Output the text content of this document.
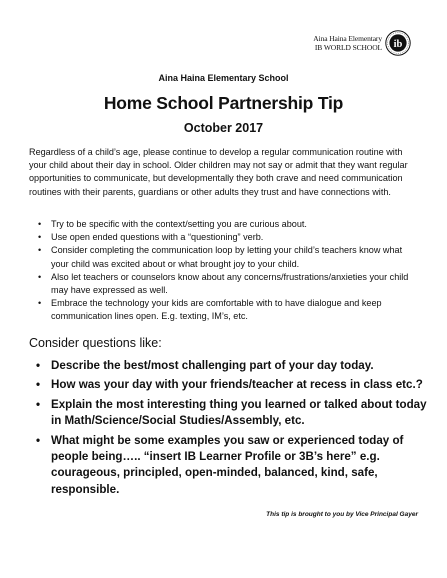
Aina Haina Elementary
IB WORLD SCHOOL ib
Aina Haina Elementary School
Home School Partnership Tip
October 2017

Regardless of a child’s age, please continue to develop a regular communication routine with your child about their day in school. Older children may not say or admit that they want regular opportunities to communicate, but developmentally they both crave and need communication routines with their parents, guardians or other adults they trust and have connections with.

• Try to be specific with the context/setting you are curious about.
• Use open ended questions with a “questioning” verb.
• Consider completing the communication loop by letting your child’s teachers know what your child was excited about or what brought joy to your child.
• Also let teachers or counselors know about any concerns/frustrations/anxieties your child may have expressed as well.
• Embrace the technology your kids are comfortable with to have dialogue and keep communication lines open. E.g. texting, IM’s, etc.
Consider questions like:
• Describe the best/most challenging part of your day today.
• How was your day with your friends/teacher at recess in class etc.?
• Explain the most interesting thing you learned or talked about today in Math/Science/Social Studies/Assembly, etc.
• What might be some examples you saw or experienced today of people being….. “insert IB Learner Profile or 3B’s here” e.g. courageous, principled, open-minded, balanced, kind, safe, responsible.
This tip is brought to you by Vice Principal Gayer
